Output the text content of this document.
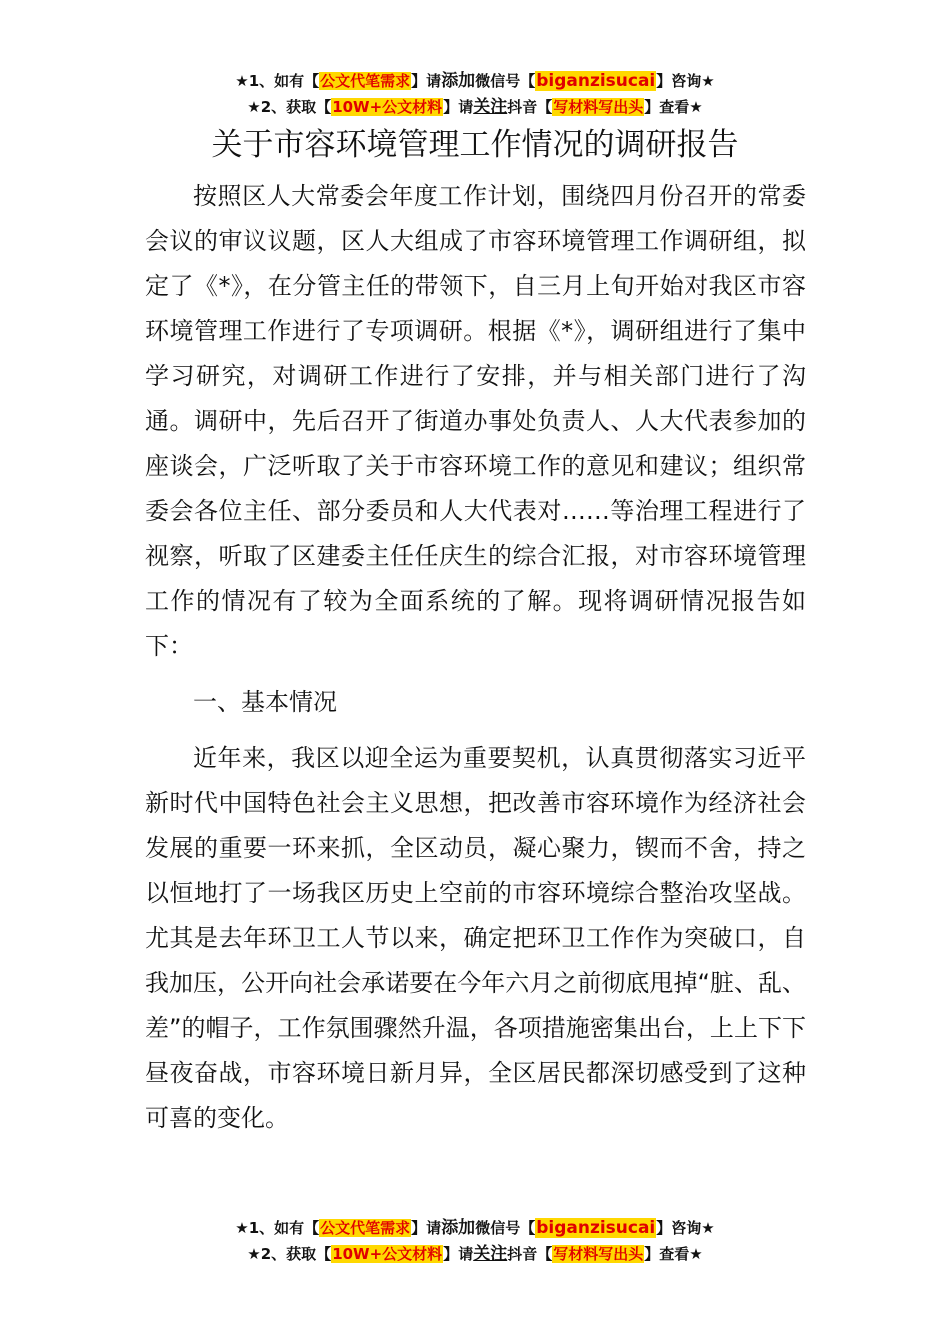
★1、如有【公文代笔需求】请添加微信号【biganzisucai】咨询★
★2、获取【10W+公文材料】请关注抖音【写材料写出头】查看★
关于市容环境管理工作情况的调研报告

按照区人大常委会年度工作计划，围绕四月份召开的常委会议的审议议题，区人大组成了市容环境管理工作调研组，拟定了《*》，在分管主任的带领下，自三月上旬开始对我区市容环境管理工作进行了专项调研。根据《*》，调研组进行了集中学习研究，对调研工作进行了安排，并与相关部门进行了沟通。调研中，先后召开了街道办事处负责人、人大代表参加的座谈会，广泛听取了关于市容环境工作的意见和建议；组织常委会各位主任、部分委员和人大代表对……等治理工程进行了视察，听取了区建委主任任庆生的综合汇报，对市容环境管理工作的情况有了较为全面系统的了解。现将调研情况报告如下：

一、基本情况

近年来，我区以迎全运为重要契机，认真贯彻落实习近平新时代中国特色社会主义思想，把改善市容环境作为经济社会发展的重要一环来抓，全区动员，凝心聚力，锲而不舍，持之以恒地打了一场我区历史上空前的市容环境综合整治攻坚战。尤其是去年环卫工人节以来，确定把环卫工作作为突破口，自我加压，公开向社会承诺要在今年六月之前彻底甩掉“脏、乱、差”的帽子，工作氛围骤然升温，各项措施密集出台，上上下下昼夜奋战，市容环境日新月异，全区居民都深切感受到了这种可喜的变化。

★1、如有【公文代笔需求】请添加微信号【biganzisucai】咨询★
★2、获取【10W+公文材料】请关注抖音【写材料写出头】查看★
